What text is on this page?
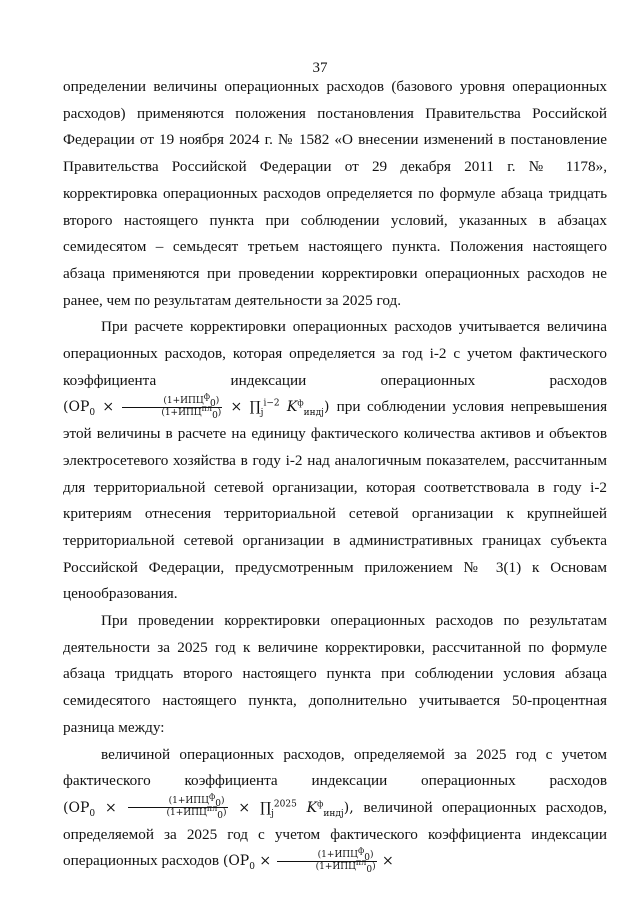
37

определении величины операционных расходов (базового уровня операционных расходов) применяются положения постановления Правительства Российской Федерации от 19 ноября 2024 г. № 1582 «О внесении изменений в постановление Правительства Российской Федерации от 29 декабря 2011 г. № 1178», корректировка операционных расходов определяется по формуле абзаца тридцать второго настоящего пункта при соблюдении условий, указанных в абзацах семидесятом – семьдесят третьем настоящего пункта. Положения настоящего абзаца применяются при проведении корректировки операционных расходов не ранее, чем по результатам деятельности за 2025 год.

При расчете корректировки операционных расходов учитывается величина операционных расходов, которая определяется за год i-2 с учетом фактического коэффициента индексации операционных расходов ($ОР_0 \times \frac{(1+ИПЦ^ф_0)}{(1+ИПЦ^{пл}_0)}$ × $\prod_j^{i-2}$ $K^ф_{индj}$) при соблюдении условия непревышения этой величины в расчете на единицу фактического количества активов и объектов электросетевого хозяйства в году i-2 над аналогичным показателем, рассчитанным для территориальной сетевой организации, которая соответствовала в году i-2 критериям отнесения территориальной сетевой организации к крупнейшей территориальной сетевой организации в административных границах субъекта Российской Федерации, предусмотренным приложением № 3(1) к Основам ценообразования.

При проведении корректировки операционных расходов по результатам деятельности за 2025 год к величине корректировки, рассчитанной по формуле абзаца тридцать второго настоящего пункта при соблюдении условия абзаца семидесятого настоящего пункта, дополнительно учитывается 50-процентная разница между:

величиной операционных расходов, определяемой за 2025 год с учетом фактического коэффициента индексации операционных расходов ($ОР_0 \times \frac{(1+ИПЦ^ф_0)}{(1+ИПЦ^{пл}_0)}$ × $\prod_j^{2025}$ $K^ф_{индj}$), величиной операционных расходов, определяемой за 2025 год с учетом фактического коэффициента индексации операционных расходов ($ОР_0 \times \frac{(1+ИПЦ^ф_0)}{(1+ИПЦ^{пл}_0)}$ ×
